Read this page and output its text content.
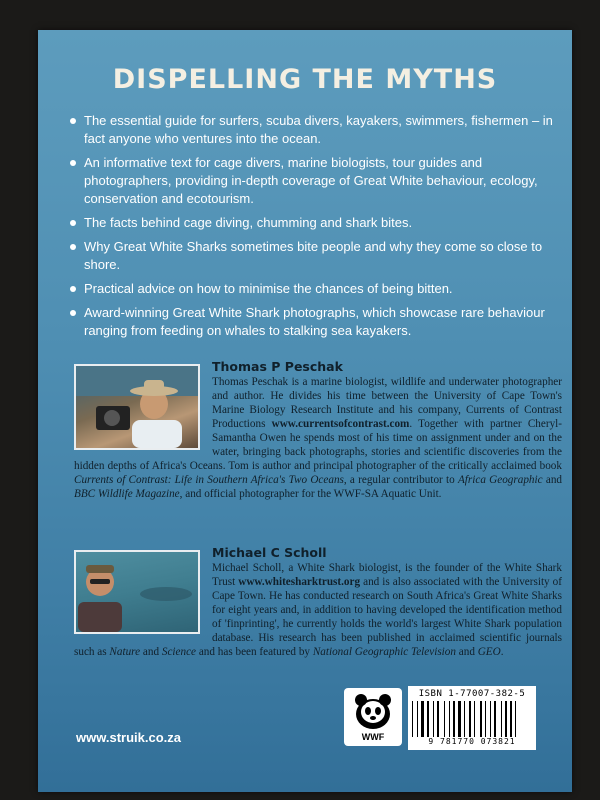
DISPELLING THE MYTHS
The essential guide for surfers, scuba divers, kayakers, swimmers, fishermen – in fact anyone who ventures into the ocean.
An informative text for cage divers, marine biologists, tour guides and photographers, providing in-depth coverage of Great White behaviour, ecology, conservation and ecotourism.
The facts behind cage diving, chumming and shark bites.
Why Great White Sharks sometimes bite people and why they come so close to shore.
Practical advice on how to minimise the chances of being bitten.
Award-winning Great White Shark photographs, which showcase rare behaviour ranging from feeding on whales to stalking sea kayakers.
Thomas P Peschak
Thomas Peschak is a marine biologist, wildlife and underwater photographer and author. He divides his time between the University of Cape Town's Marine Biology Research Institute and his company, Currents of Contrast Productions www.currentsofcontrast.com. Together with partner Cheryl-Samantha Owen he spends most of his time on assignment under and on the water, bringing back photographs, stories and scientific discoveries from the hidden depths of Africa's Oceans. Tom is author and principal photographer of the critically acclaimed book Currents of Contrast: Life in Southern Africa's Two Oceans, a regular contributor to Africa Geographic and BBC Wildlife Magazine, and official photographer for the WWF-SA Aquatic Unit.
Michael C Scholl
Michael Scholl, a White Shark biologist, is the founder of the White Shark Trust www.whitesharktrust.org and is also associated with the University of Cape Town. He has conducted research on South Africa's Great White Sharks for eight years and, in addition to having developed the identification method of 'finprinting', he currently holds the world's largest White Shark population database. His research has been published in acclaimed scientific journals such as Nature and Science and has been featured by National Geographic Television and GEO.
www.struik.co.za	WWF
ISBN 1-77007-382-5
9 781770 073821
